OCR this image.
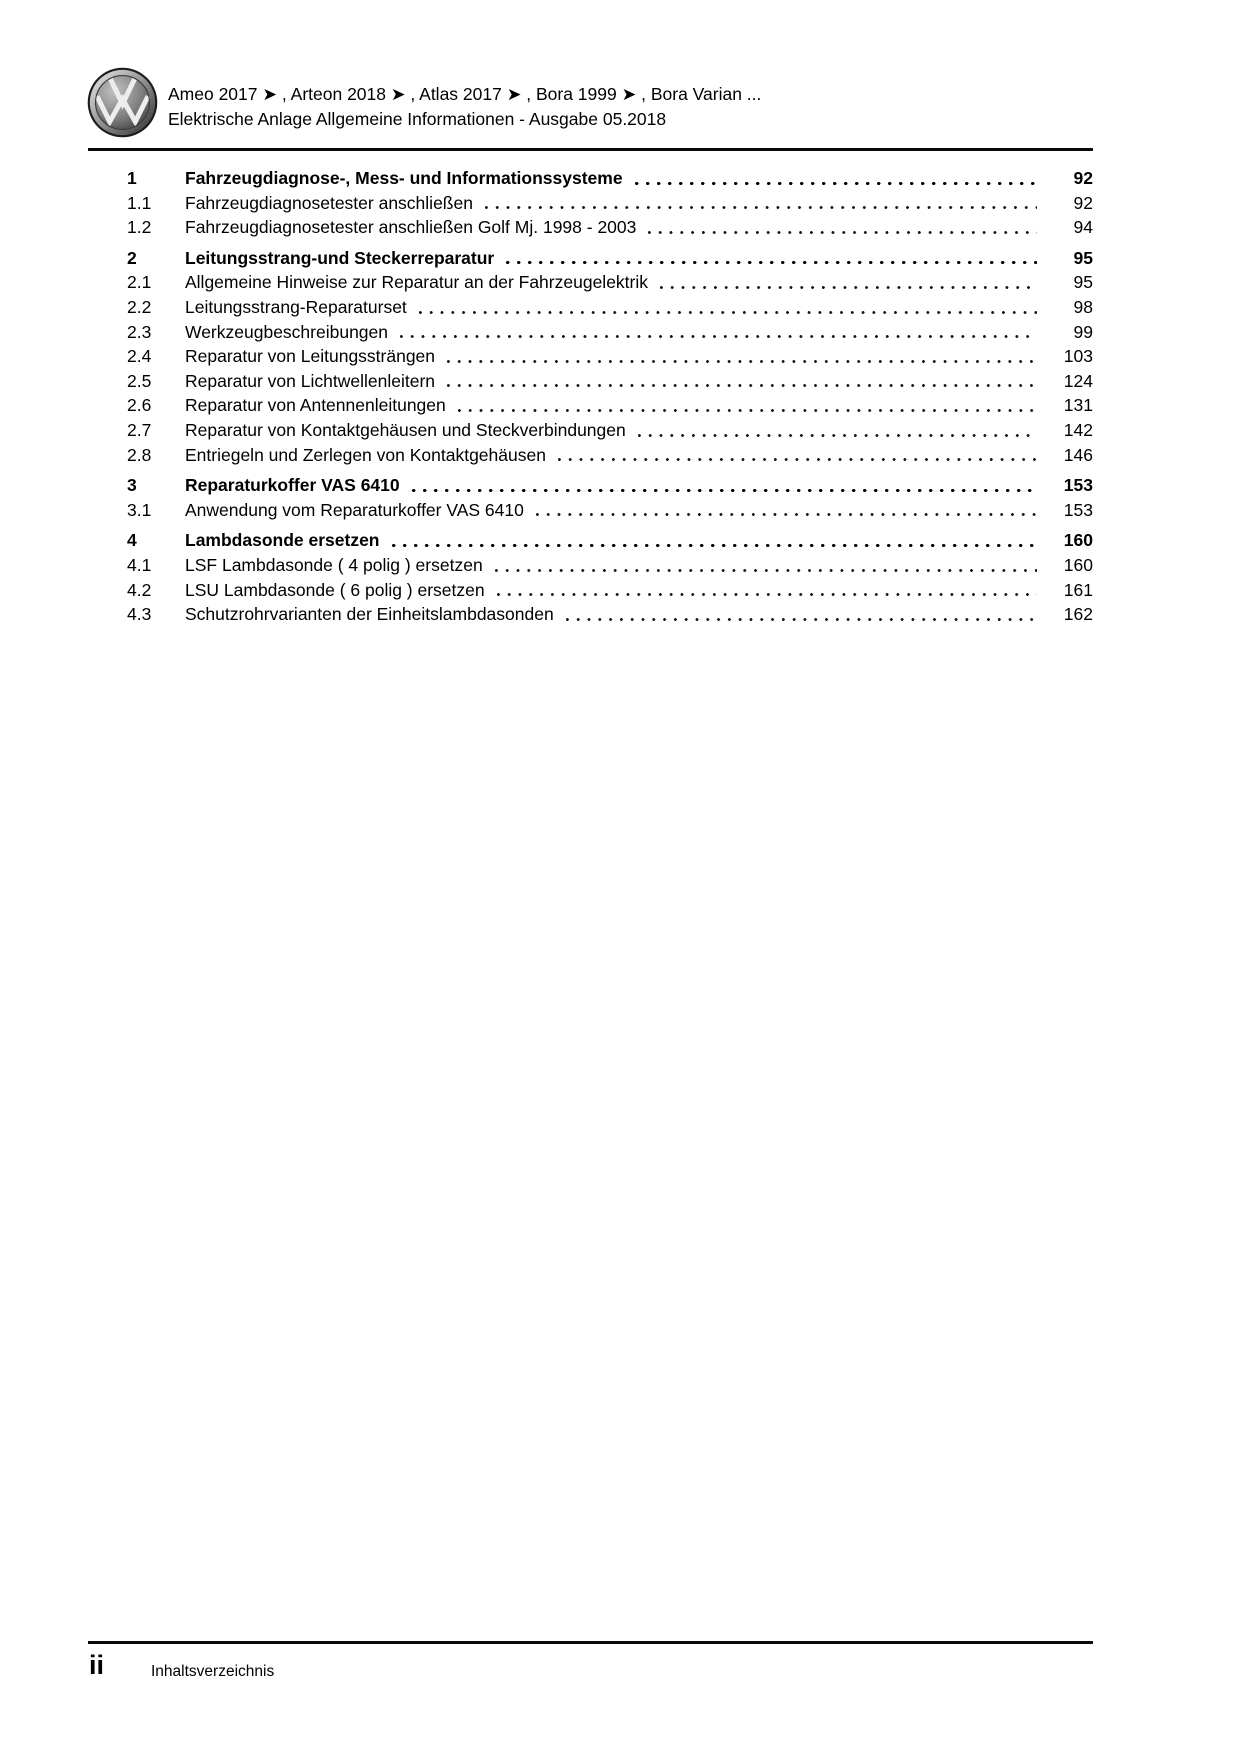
Ameo 2017 ➤ , Arteon 2018 ➤ , Atlas 2017 ➤ , Bora 1999 ➤ , Bora Varian ...
Elektrische Anlage Allgemeine Informationen - Ausgabe 05.2018
1	Fahrzeugdiagnose-, Mess- und Informationssysteme	92
1.1	Fahrzeugdiagnosetester anschließen	92
1.2	Fahrzeugdiagnosetester anschließen Golf Mj. 1998 - 2003	94
2	Leitungsstrang-und Steckerreparatur	95
2.1	Allgemeine Hinweise zur Reparatur an der Fahrzeugelektrik	95
2.2	Leitungsstrang-Reparaturset	98
2.3	Werkzeugbeschreibungen	99
2.4	Reparatur von Leitungssträngen	103
2.5	Reparatur von Lichtwellenleitern	124
2.6	Reparatur von Antennenleitungen	131
2.7	Reparatur von Kontaktgehäusen und Steckverbindungen	142
2.8	Entriegeln und Zerlegen von Kontaktgehäusen	146
3	Reparaturkoffer VAS 6410	153
3.1	Anwendung vom Reparaturkoffer VAS 6410	153
4	Lambdasonde ersetzen	160
4.1	LSF Lambdasonde ( 4 polig ) ersetzen	160
4.2	LSU Lambdasonde ( 6 polig ) ersetzen	161
4.3	Schutzrohrvarianten der Einheitslambdasonden	162
ii	Inhaltsverzeichnis
